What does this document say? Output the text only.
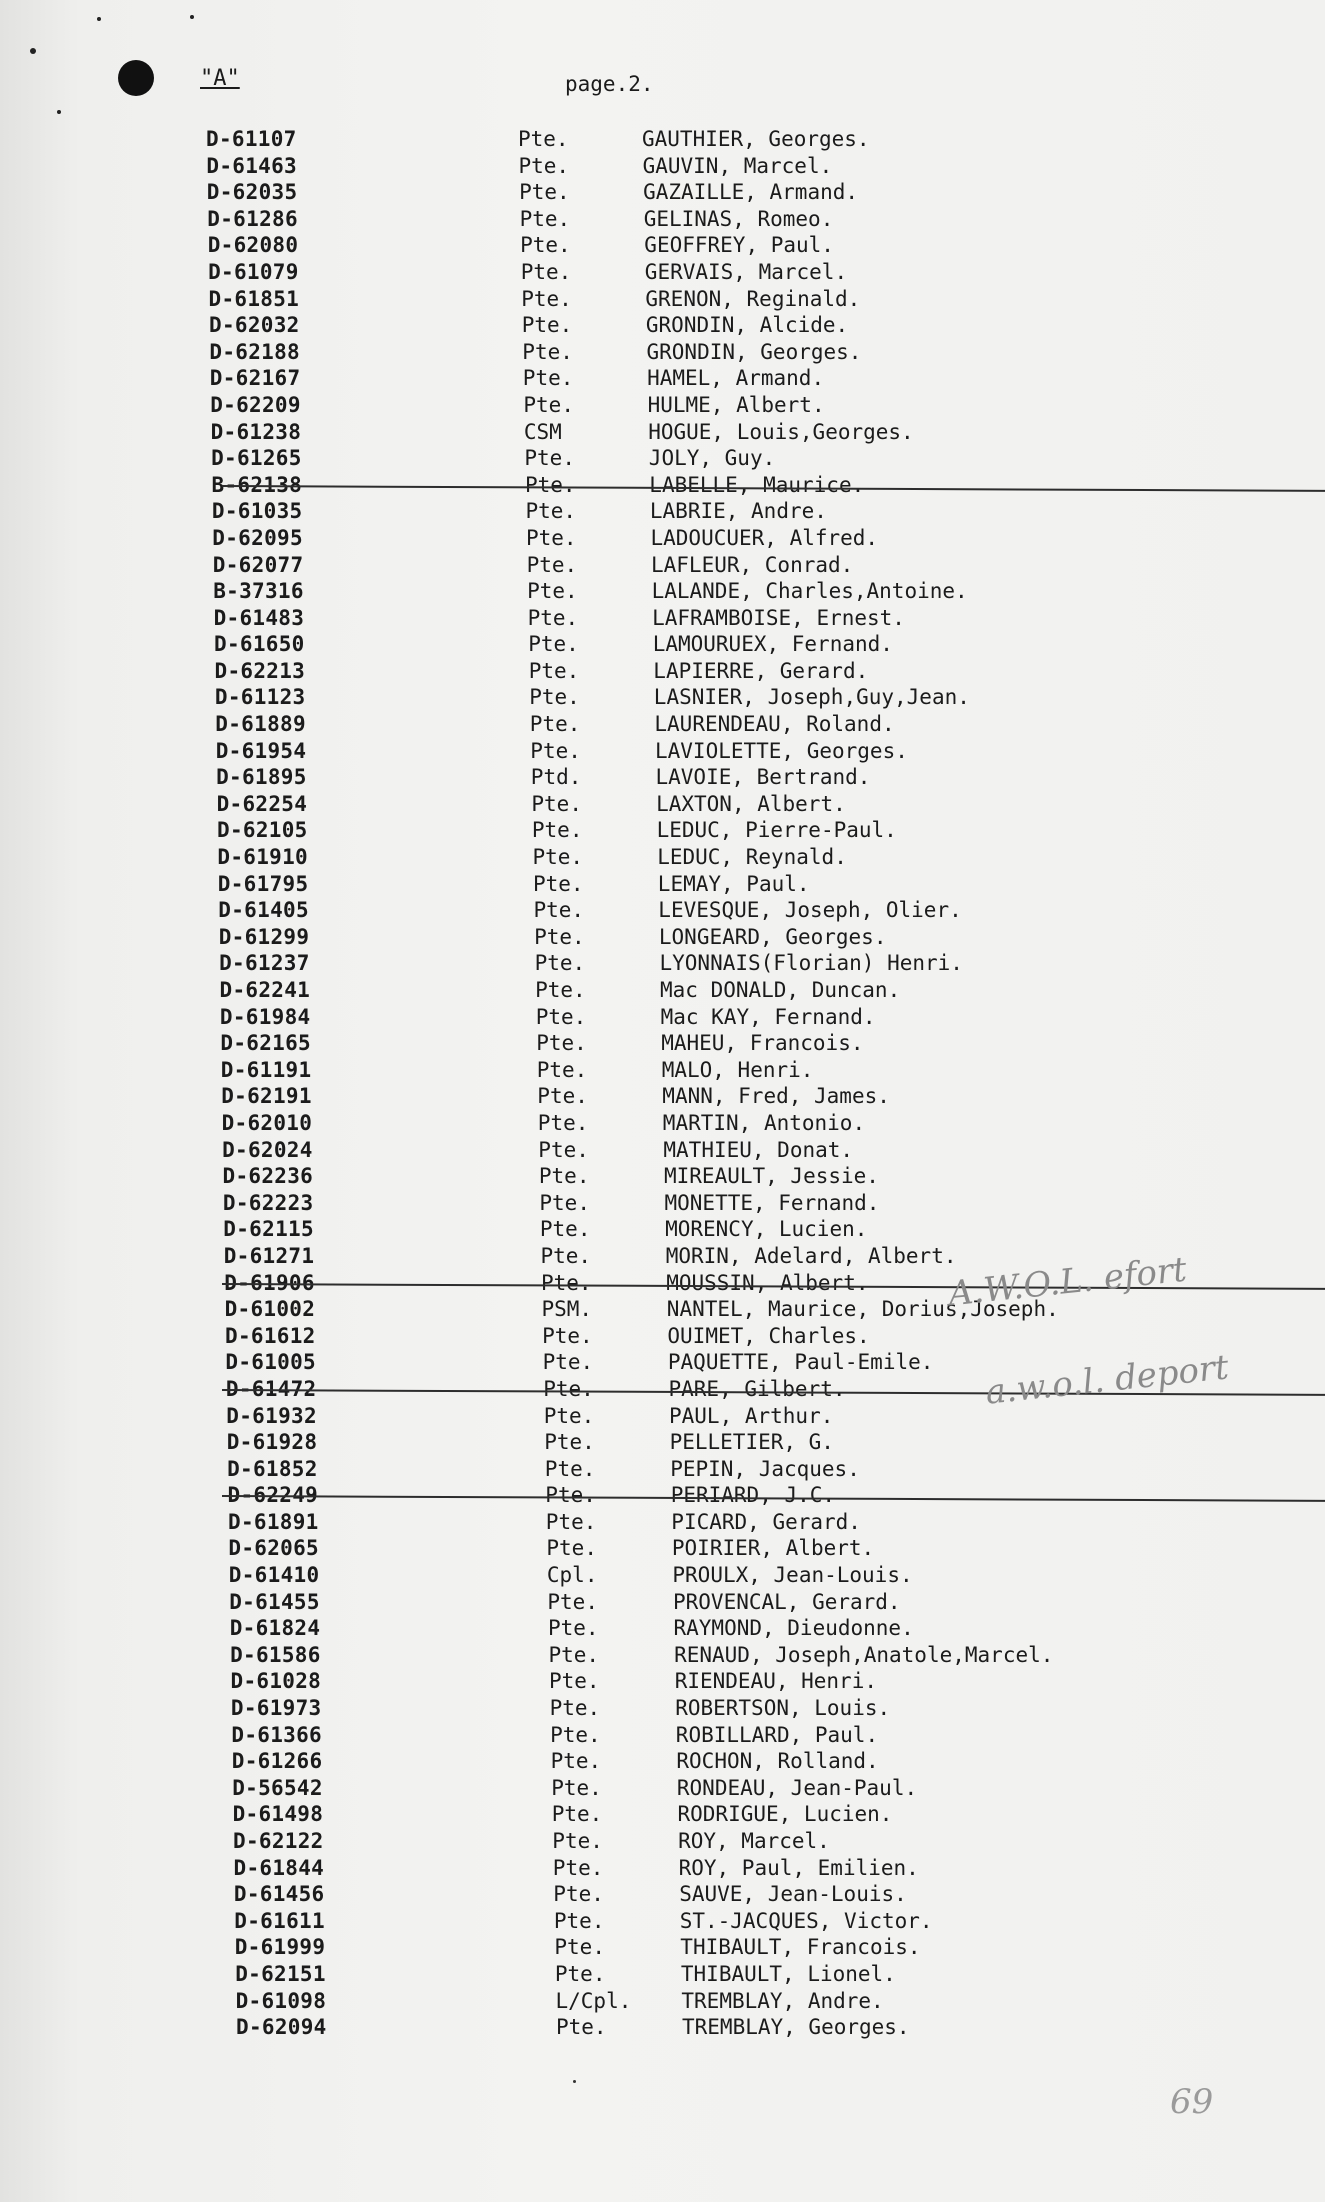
"A"	page.2.
D-61107	Pte.	GAUTHIER, Georges.
D-61463	Pte.	GAUVIN, Marcel.
D-62035	Pte.	GAZAILLE, Armand.
D-61286	Pte.	GELINAS, Romeo.
D-62080	Pte.	GEOFFREY, Paul.
D-61079	Pte.	GERVAIS, Marcel.
D-61851	Pte.	GRENON, Reginald.
D-62032	Pte.	GRONDIN, Alcide.
D-62188	Pte.	GRONDIN, Georges.
D-62167	Pte.	HAMEL, Armand.
D-62209	Pte.	HULME, Albert.
D-61238	CSM	HOGUE, Louis,Georges.
D-61265	Pte.	JOLY, Guy.
B-62138	Pte.	LABELLE, Maurice.
D-61035	Pte.	LABRIE, Andre.
D-62095	Pte.	LADOUCUER, Alfred.
D-62077	Pte.	LAFLEUR, Conrad.
B-37316	Pte.	LALANDE, Charles,Antoine.
D-61483	Pte.	LAFRAMBOISE, Ernest.
D-61650	Pte.	LAMOURUEX, Fernand.
D-62213	Pte.	LAPIERRE, Gerard.
D-61123	Pte.	LASNIER, Joseph,Guy,Jean.
D-61889	Pte.	LAURENDEAU, Roland.
D-61954	Pte.	LAVIOLETTE, Georges.
D-61895	Ptd.	LAVOIE, Bertrand.
D-62254	Pte.	LAXTON, Albert.
D-62105	Pte.	LEDUC, Pierre-Paul.
D-61910	Pte.	LEDUC, Reynald.
D-61795	Pte.	LEMAY, Paul.
D-61405	Pte.	LEVESQUE, Joseph, Olier.
D-61299	Pte.	LONGEARD, Georges.
D-61237	Pte.	LYONNAIS(Florian) Henri.
D-62241	Pte.	Mac DONALD, Duncan.
D-61984	Pte.	Mac KAY, Fernand.
D-62165	Pte.	MAHEU, Francois.
D-61191	Pte.	MALO, Henri.
D-62191	Pte.	MANN, Fred, James.
D-62010	Pte.	MARTIN, Antonio.
D-62024	Pte.	MATHIEU, Donat.
D-62236	Pte.	MIREAULT, Jessie.
D-62223	Pte.	MONETTE, Fernand.
D-62115	Pte.	MORENCY, Lucien.
D-61271	Pte.	MORIN, Adelard, Albert.
D-61906	Pte.	MOUSSIN, Albert.
D-61002	PSM.	NANTEL, Maurice, Dorius,Joseph.
D-61612	Pte.	OUIMET, Charles.
D-61005	Pte.	PAQUETTE, Paul-Emile.
D-61472	Pte.	PARE, Gilbert.
D-61932	Pte.	PAUL, Arthur.
D-61928	Pte.	PELLETIER, G.
D-61852	Pte.	PEPIN, Jacques.
D-62249	Pte.	PERIARD, J.C.
D-61891	Pte.	PICARD, Gerard.
D-62065	Pte.	POIRIER, Albert.
D-61410	Cpl.	PROULX, Jean-Louis.
D-61455	Pte.	PROVENCAL, Gerard.
D-61824	Pte.	RAYMOND, Dieudonne.
D-61586	Pte.	RENAUD, Joseph,Anatole,Marcel.
D-61028	Pte.	RIENDEAU, Henri.
D-61973	Pte.	ROBERTSON, Louis.
D-61366	Pte.	ROBILLARD, Paul.
D-61266	Pte.	ROCHON, Rolland.
D-56542	Pte.	RONDEAU, Jean-Paul.
D-61498	Pte.	RODRIGUE, Lucien.
D-62122	Pte.	ROY, Marcel.
D-61844	Pte.	ROY, Paul, Emilien.
D-61456	Pte.	SAUVE, Jean-Louis.
D-61611	Pte.	ST.-JACQUES, Victor.
D-61999	Pte.	THIBAULT, Francois.
D-62151	Pte.	THIBAULT, Lionel.
D-61098	L/Cpl. TREMBLAY, Andre.
D-62094	Pte.	TREMBLAY, Georges.
A.W.O.L. efort
a.w.o.l. deport
69
